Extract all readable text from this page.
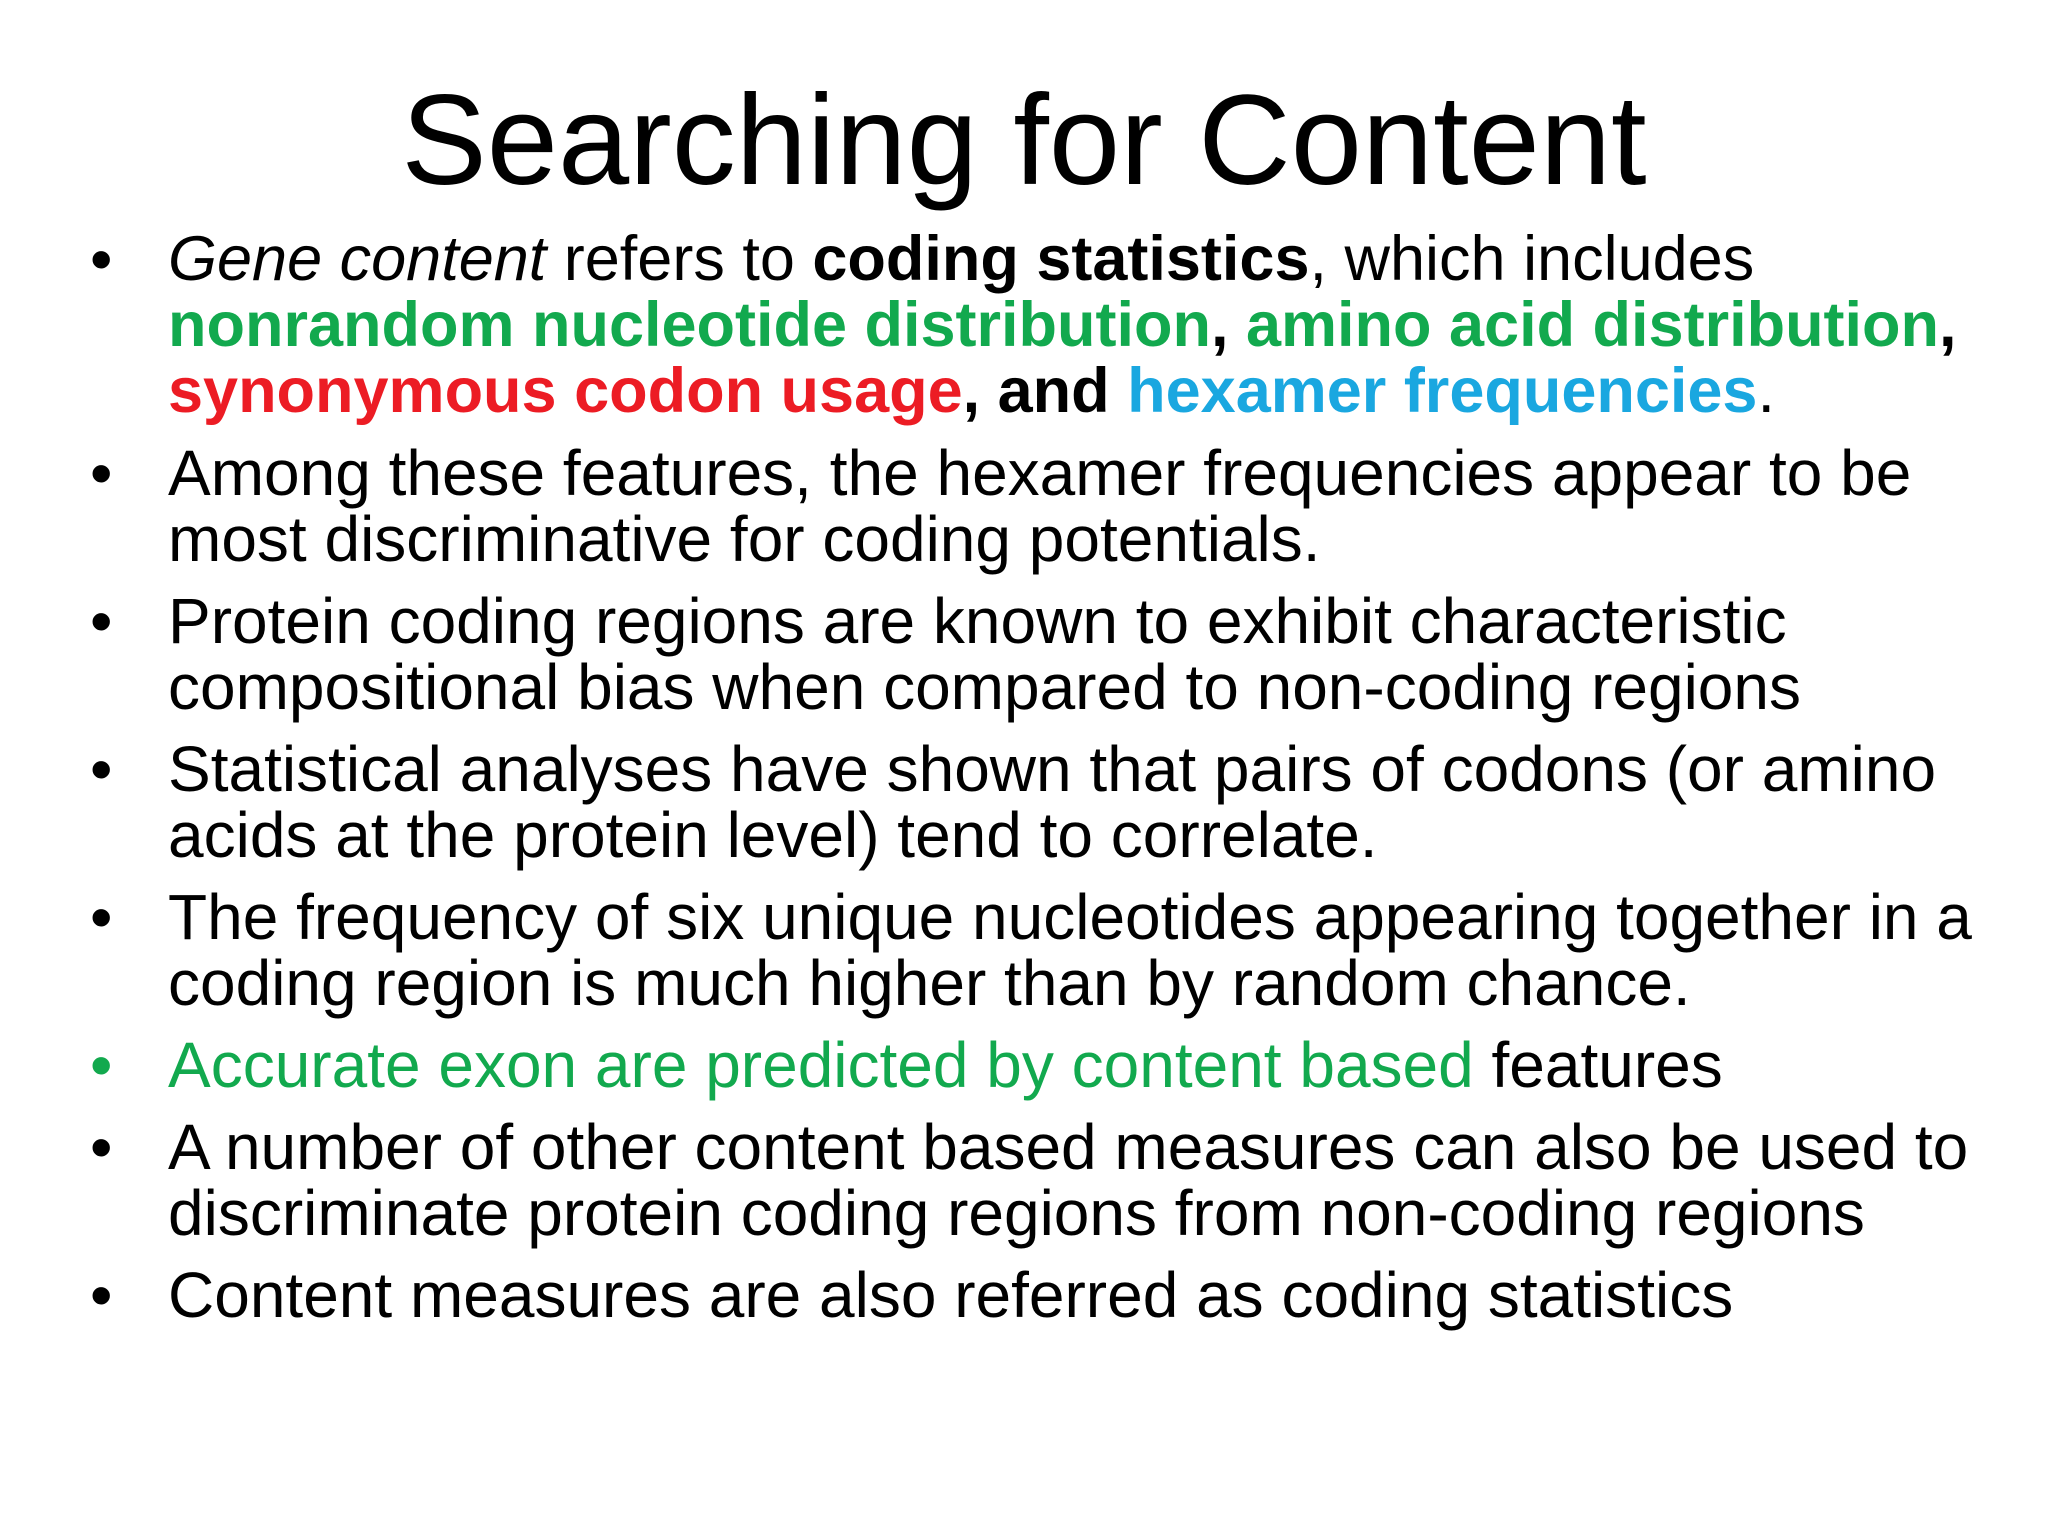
Searching for Content
• Gene content refers to coding statistics, which includes nonrandom nucleotide distribution, amino acid distribution, synonymous codon usage, and hexamer frequencies.
• Among these features, the hexamer frequencies appear to be most discriminative for coding potentials.
• Protein coding regions are known to exhibit characteristic compositional bias when compared to non-coding regions
• Statistical analyses have shown that pairs of codons (or amino acids at the protein level) tend to correlate.
• The frequency of six unique nucleotides appearing together in a coding region is much higher than by random chance.
• Accurate exon are predicted by content based features
• A number of other content based measures can also be used to discriminate protein coding regions from non-coding regions
• Content measures are also referred as coding statistics
